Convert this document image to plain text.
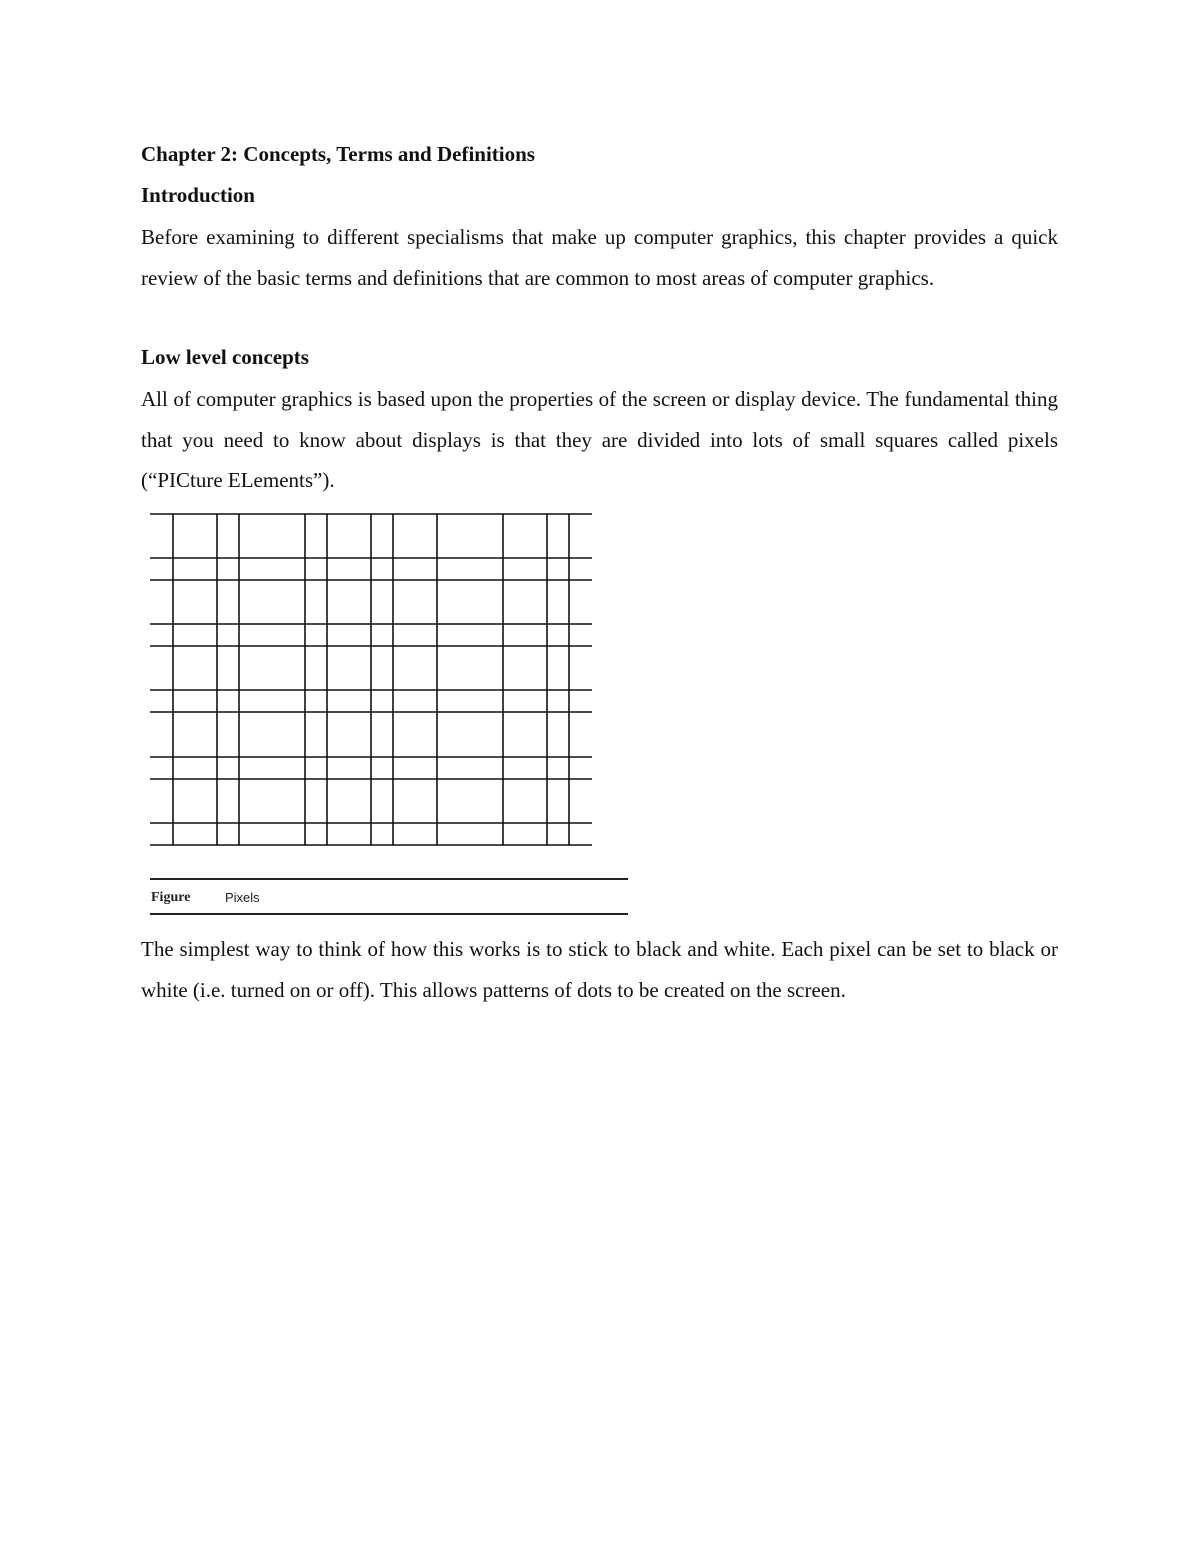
Chapter 2: Concepts, Terms and Definitions
Introduction
Before examining to different specialisms that make up computer graphics, this chapter provides a quick review of the basic terms and definitions that are common to most areas of computer graphics.
Low level concepts
All of computer graphics is based upon the properties of the screen or display device. The fundamental thing that you need to know about displays is that they are divided into lots of small squares called pixels (“PICture ELements”).
Figure	Pixels
The simplest way to think of how this works is to stick to black and white. Each pixel can be set to black or white (i.e. turned on or off). This allows patterns of dots to be created on the screen.
